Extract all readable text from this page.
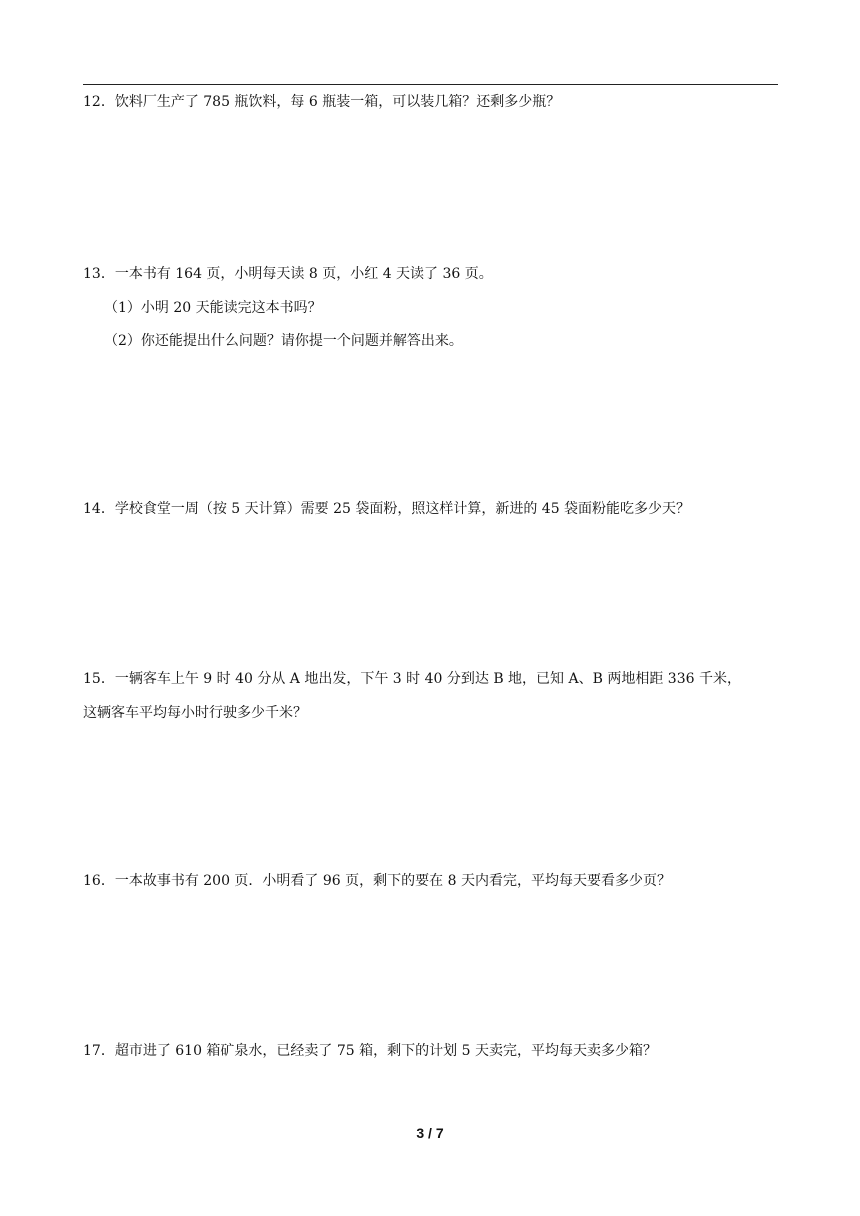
12．饮料厂生产了 785 瓶饮料，每 6 瓶装一箱，可以装几箱？还剩多少瓶？
13．一本书有 164 页，小明每天读 8 页，小红 4 天读了 36 页。
（1）小明 20 天能读完这本书吗？
（2）你还能提出什么问题？请你提一个问题并解答出来。
14．学校食堂一周（按 5 天计算）需要 25 袋面粉，照这样计算，新进的 45 袋面粉能吃多少天？
15．一辆客车上午 9 时 40 分从 A 地出发，下午 3 时 40 分到达 B 地，已知 A、B 两地相距 336 千米，
这辆客车平均每小时行驶多少千米？
16．一本故事书有 200 页．小明看了 96 页，剩下的要在 8 天内看完，平均每天要看多少页？
17．超市进了 610 箱矿泉水，已经卖了 75 箱，剩下的计划 5 天卖完，平均每天卖多少箱？
3 / 7
